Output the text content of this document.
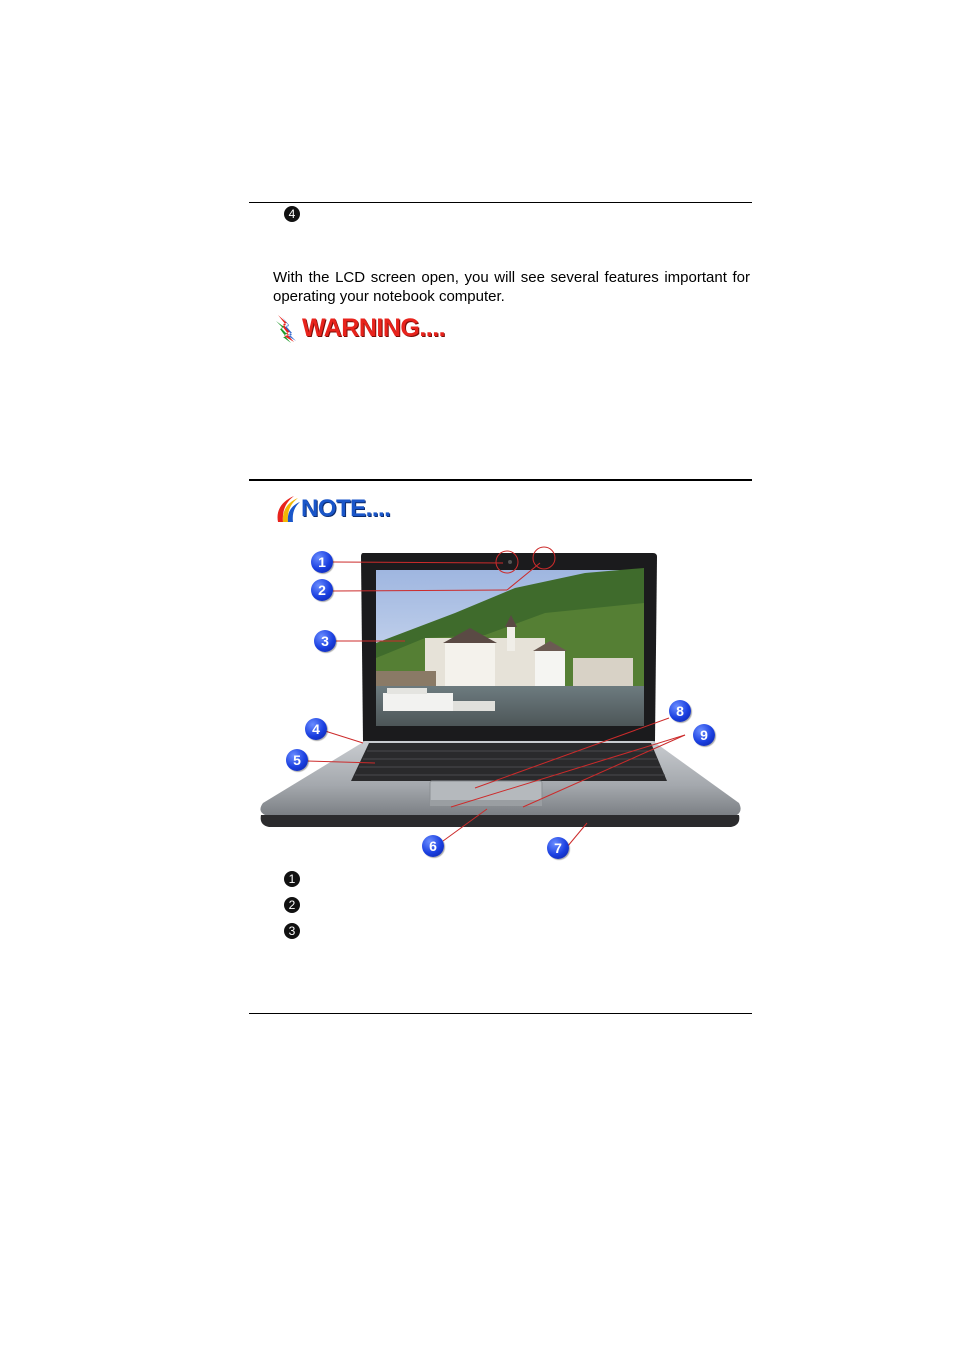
4

With the LCD screen open, you will see several features important for operating your notebook computer.

WARNING....
NOTE....
1
2
3
4
5
6	7
8
9
1
2
3
